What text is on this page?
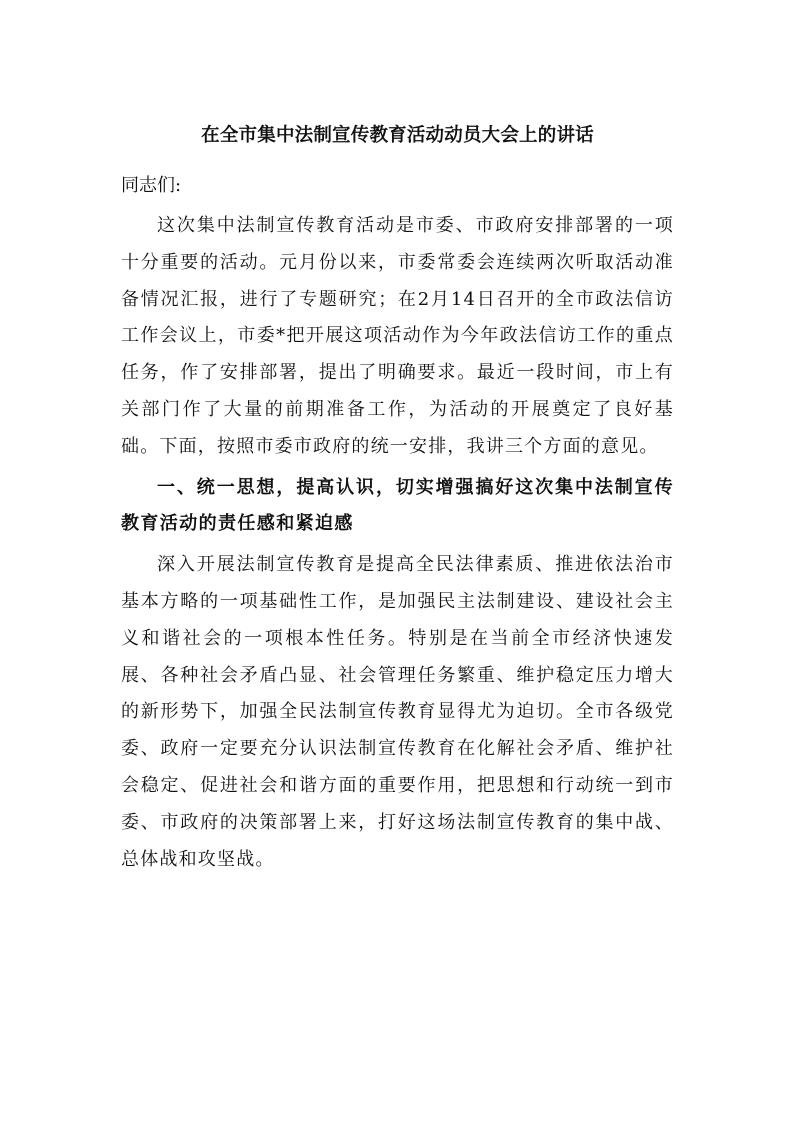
在全市集中法制宣传教育活动动员大会上的讲话

同志们:

这次集中法制宣传教育活动是市委、市政府安排部署的一项十分重要的活动。元月份以来，市委常委会连续两次听取活动准备情况汇报，进行了专题研究；在2月14日召开的全市政法信访工作会议上，市委*把开展这项活动作为今年政法信访工作的重点任务，作了安排部署，提出了明确要求。最近一段时间，市上有关部门作了大量的前期准备工作，为活动的开展奠定了良好基础。下面，按照市委市政府的统一安排，我讲三个方面的意见。

一、统一思想，提高认识，切实增强搞好这次集中法制宣传教育活动的责任感和紧迫感

深入开展法制宣传教育是提高全民法律素质、推进依法治市基本方略的一项基础性工作，是加强民主法制建设、建设社会主义和谐社会的一项根本性任务。特别是在当前全市经济快速发展、各种社会矛盾凸显、社会管理任务繁重、维护稳定压力增大的新形势下，加强全民法制宣传教育显得尤为迫切。全市各级党委、政府一定要充分认识法制宣传教育在化解社会矛盾、维护社会稳定、促进社会和谐方面的重要作用，把思想和行动统一到市委、市政府的决策部署上来，打好这场法制宣传教育的集中战、总体战和攻坚战。
